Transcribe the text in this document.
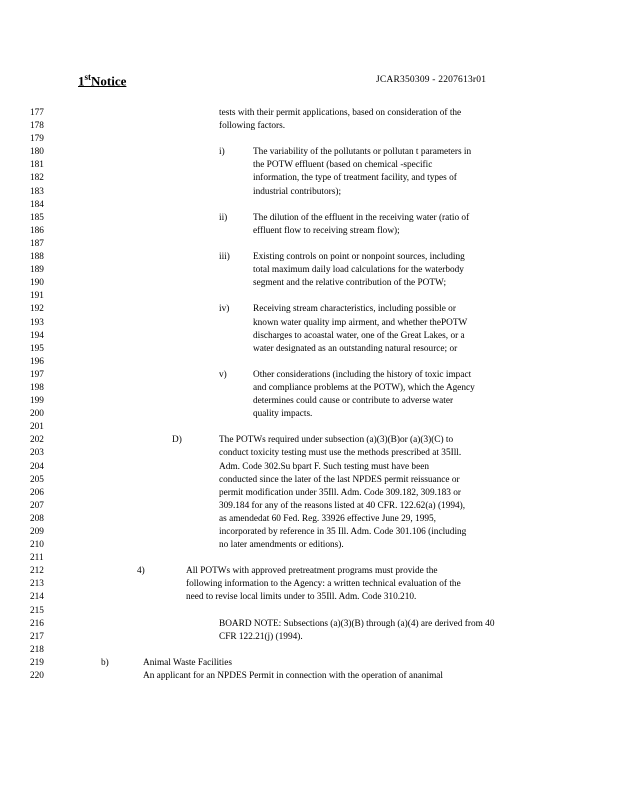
1stNotice	JCAR350309 - 2207613r01
177	tests with their permit applications, based on consideration of the
178	following factors.
179
180	i)	The variability of the pollutants or pollutan t parameters in
181	the POTW effluent (based on chemical -specific
182	information, the type of treatment facility, and types of
183	industrial contributors);
184
185	ii)	The dilution of the effluent in the receiving water (ratio of
186	effluent flow to receiving stream flow);
187
188	iii) Existing controls on point or nonpoint sources, including
189	total maximum daily load calculations for the waterbody
190	segment and the relative contribution of the POTW;
191
192	iv)	Receiving stream characteristics, including possible or
193	known water quality imp airment, and whether thePOTW
194	discharges to acoastal water, one of the Great Lakes, or a
195	water designated as an outstanding natural resource; or
196
197	v)	Other considerations (including the history of toxic impact
198	and compliance problems at the POTW), which the Agency
199	determines could cause or contribute to adverse water
200	quality impacts.
201
202	D)	The POTWs required under subsection (a)(3)(B)or (a)(3)(C) to
203	conduct toxicity testing must use the methods prescribed at 35Ill.
204	Adm. Code 302.Su bpart F. Such testing must have been
205	conducted since the later of the last NPDES permit reissuance or
206	permit modification under 35Ill. Adm. Code 309.182, 309.183 or
207	309.184 for any of the reasons listed at 40 CFR. 122.62(a) (1994),
208	as amendedat 60 Fed. Reg. 33926 effective June 29, 1995,
209	incorporated by reference in 35 Ill. Adm. Code 301.106 (including
210	no later amendments or editions).
211
212	4)	All POTWs with approved pretreatment programs must provide the
213	following information to the Agency: a written technical evaluation of the
214	need to revise local limits under to 35Ill. Adm. Code 310.210.
215
216	BOARD NOTE: Subsections (a)(3)(B) through (a)(4) are derived from 40
217	CFR 122.21(j) (1994).
218
219	b)	Animal Waste Facilities
220	An applicant for an NPDES Permit in connection with the operation of ananimal
